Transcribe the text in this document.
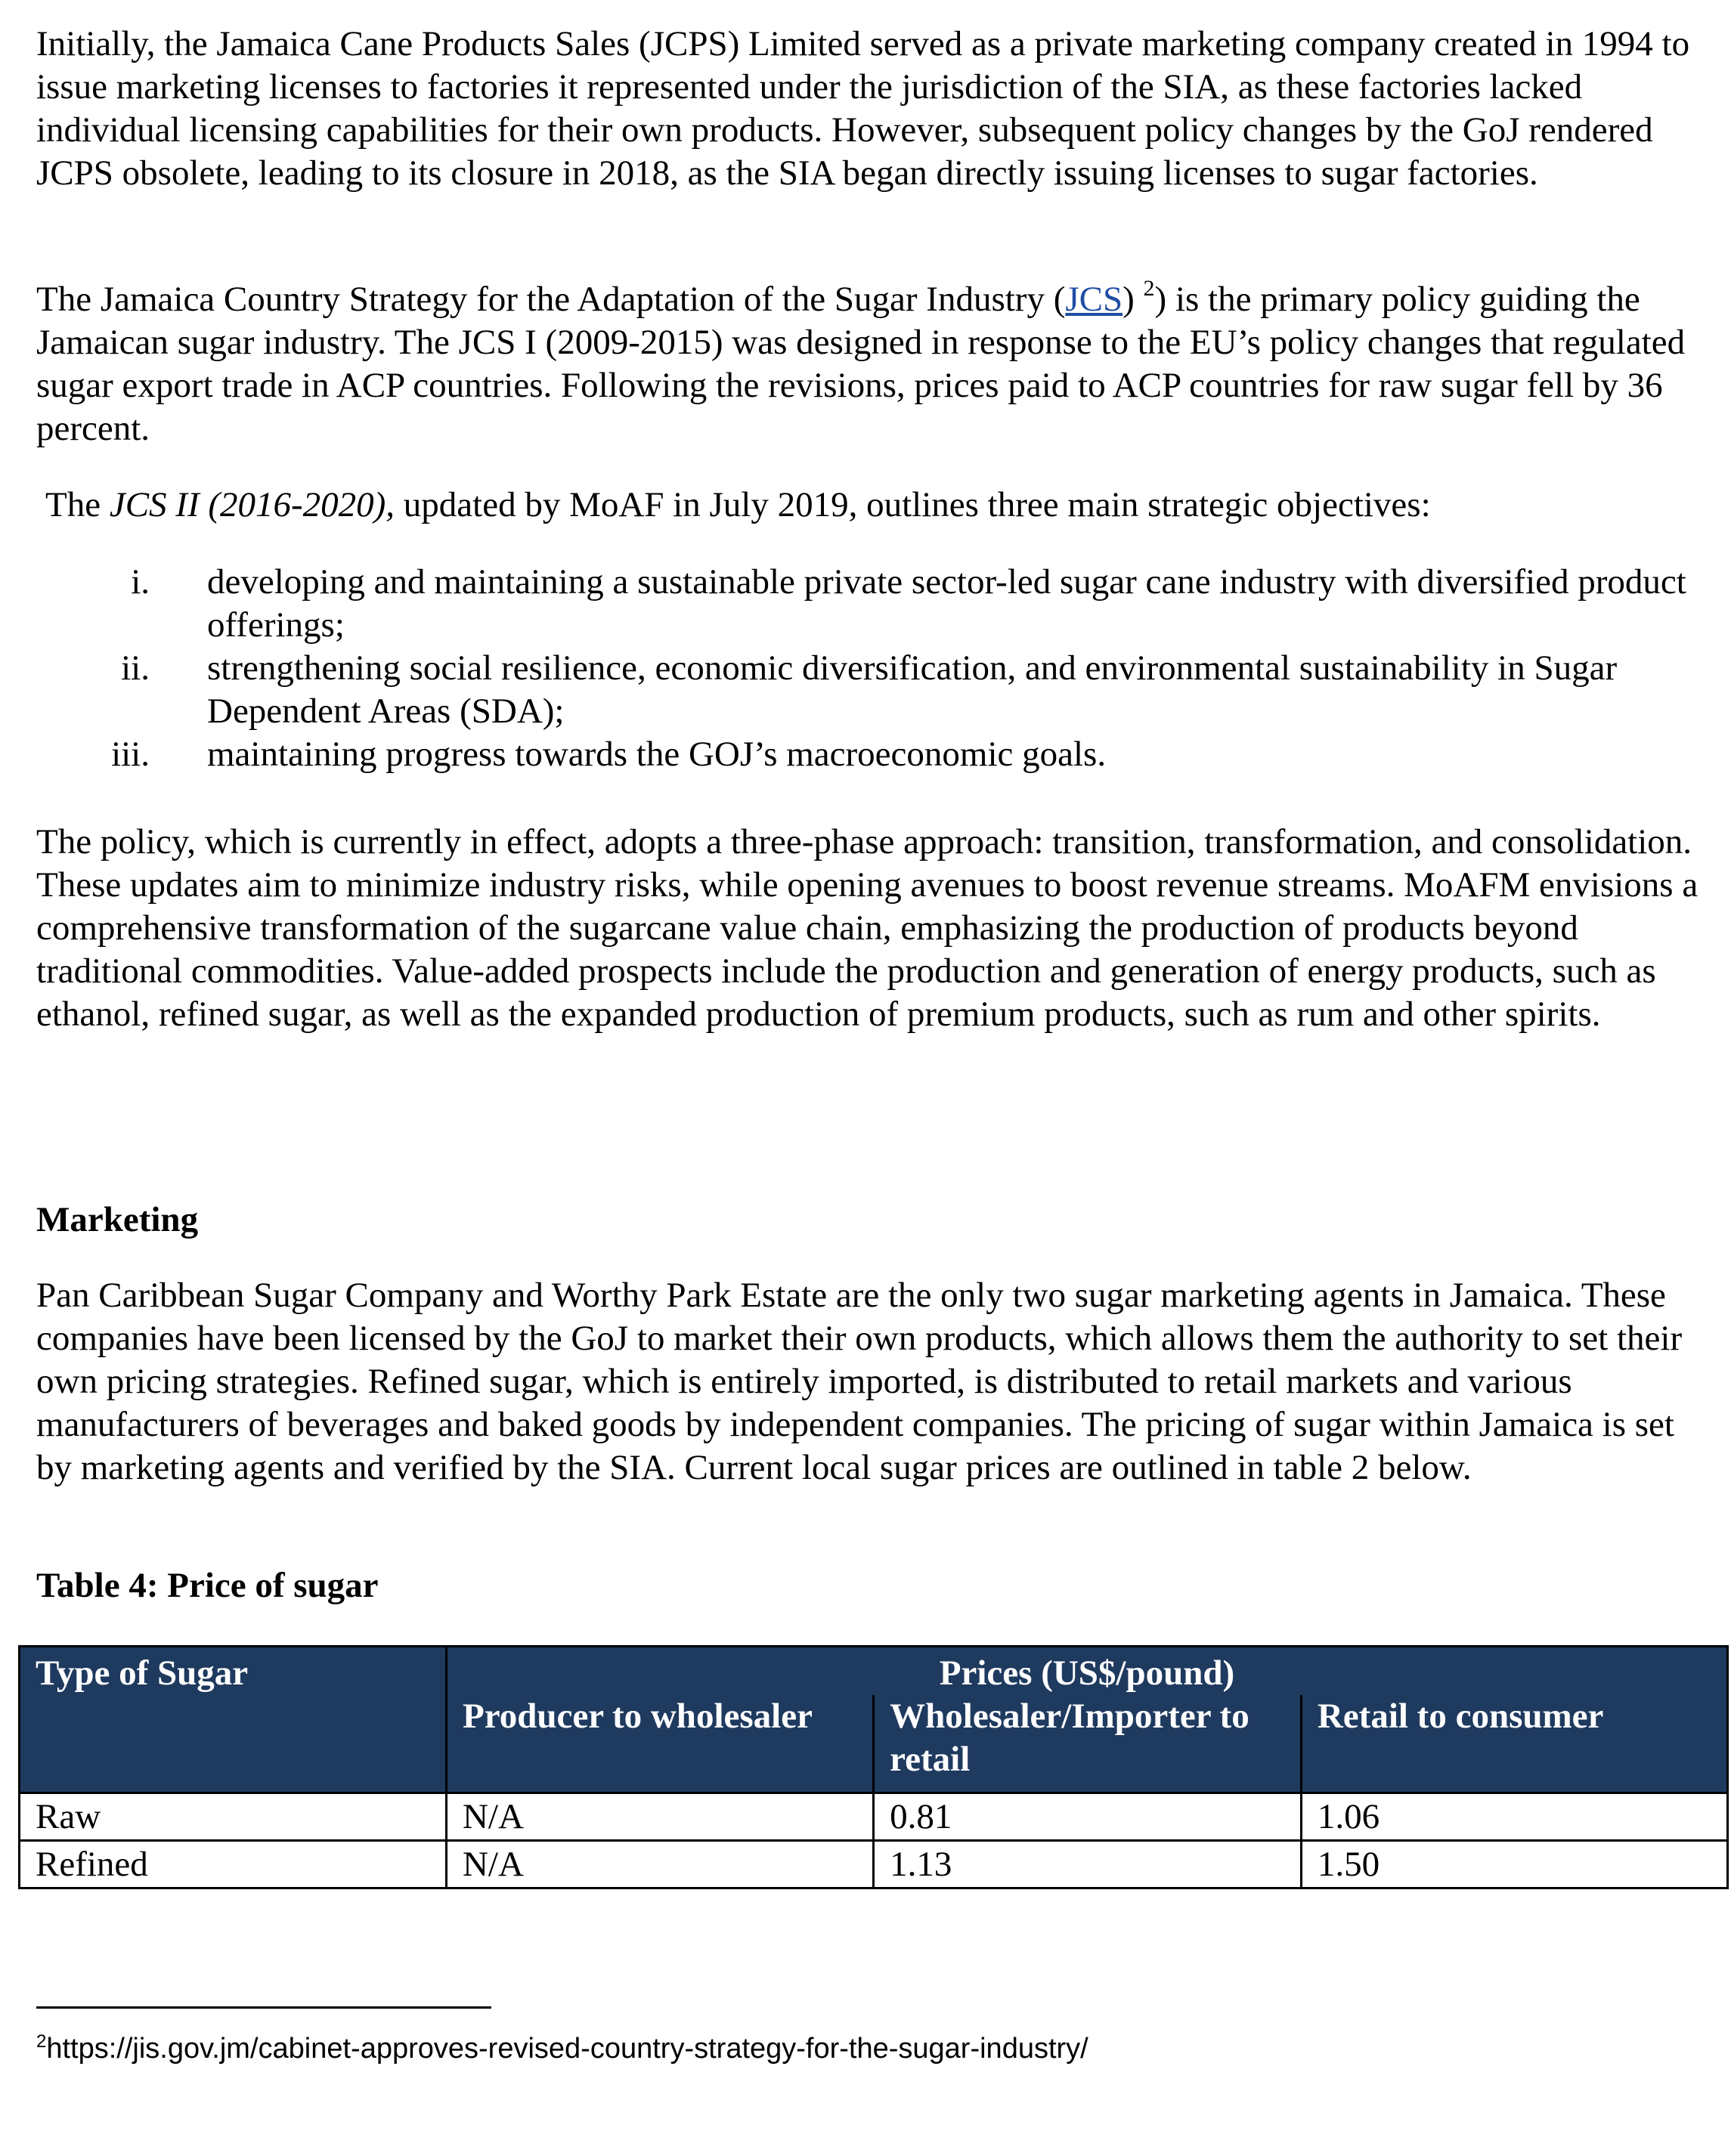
Initially, the Jamaica Cane Products Sales (JCPS) Limited served as a private marketing company created in 1994 to issue marketing licenses to factories it represented under the jurisdiction of the SIA, as these factories lacked individual licensing capabilities for their own products. However, subsequent policy changes by the GoJ rendered JCPS obsolete, leading to its closure in 2018, as the SIA began directly issuing licenses to sugar factories.

The Jamaica Country Strategy for the Adaptation of the Sugar Industry (JCS) $^2$) is the primary policy guiding the Jamaican sugar industry. The JCS I (2009-2015) was designed in response to the EU’s policy changes that regulated sugar export trade in ACP countries. Following the revisions, prices paid to ACP countries for raw sugar fell by 36 percent.

The JCS II (2016-2020), updated by MoAF in July 2019, outlines three main strategic objectives:

i. developing and maintaining a sustainable private sector-led sugar cane industry with diversified product offerings;
ii. strengthening social resilience, economic diversification, and environmental sustainability in Sugar Dependent Areas (SDA);
iii. maintaining progress towards the GOJ’s macroeconomic goals.

The policy, which is currently in effect, adopts a three-phase approach: transition, transformation, and consolidation. These updates aim to minimize industry risks, while opening avenues to boost revenue streams. MoAFM envisions a comprehensive transformation of the sugarcane value chain, emphasizing the production of products beyond traditional commodities. Value-added prospects include the production and generation of energy products, such as ethanol, refined sugar, as well as the expanded production of premium products, such as rum and other spirits.

Marketing

Pan Caribbean Sugar Company and Worthy Park Estate are the only two sugar marketing agents in Jamaica. These companies have been licensed by the GoJ to market their own products, which allows them the authority to set their own pricing strategies. Refined sugar, which is entirely imported, is distributed to retail markets and various manufacturers of beverages and baked goods by independent companies. The pricing of sugar within Jamaica is set by marketing agents and verified by the SIA. Current local sugar prices are outlined in table 2 below.

Table 4: Price of sugar
Type of Sugar	Prices (US$/pound)		
	Producer to wholesaler	Wholesaler/Importer to retail	Retail to consumer
Raw	N/A	0.81	1.06
Refined	N/A	1.13	1.50
$^2$https://jis.gov.jm/cabinet-approves-revised-country-strategy-for-the-sugar-industry/
